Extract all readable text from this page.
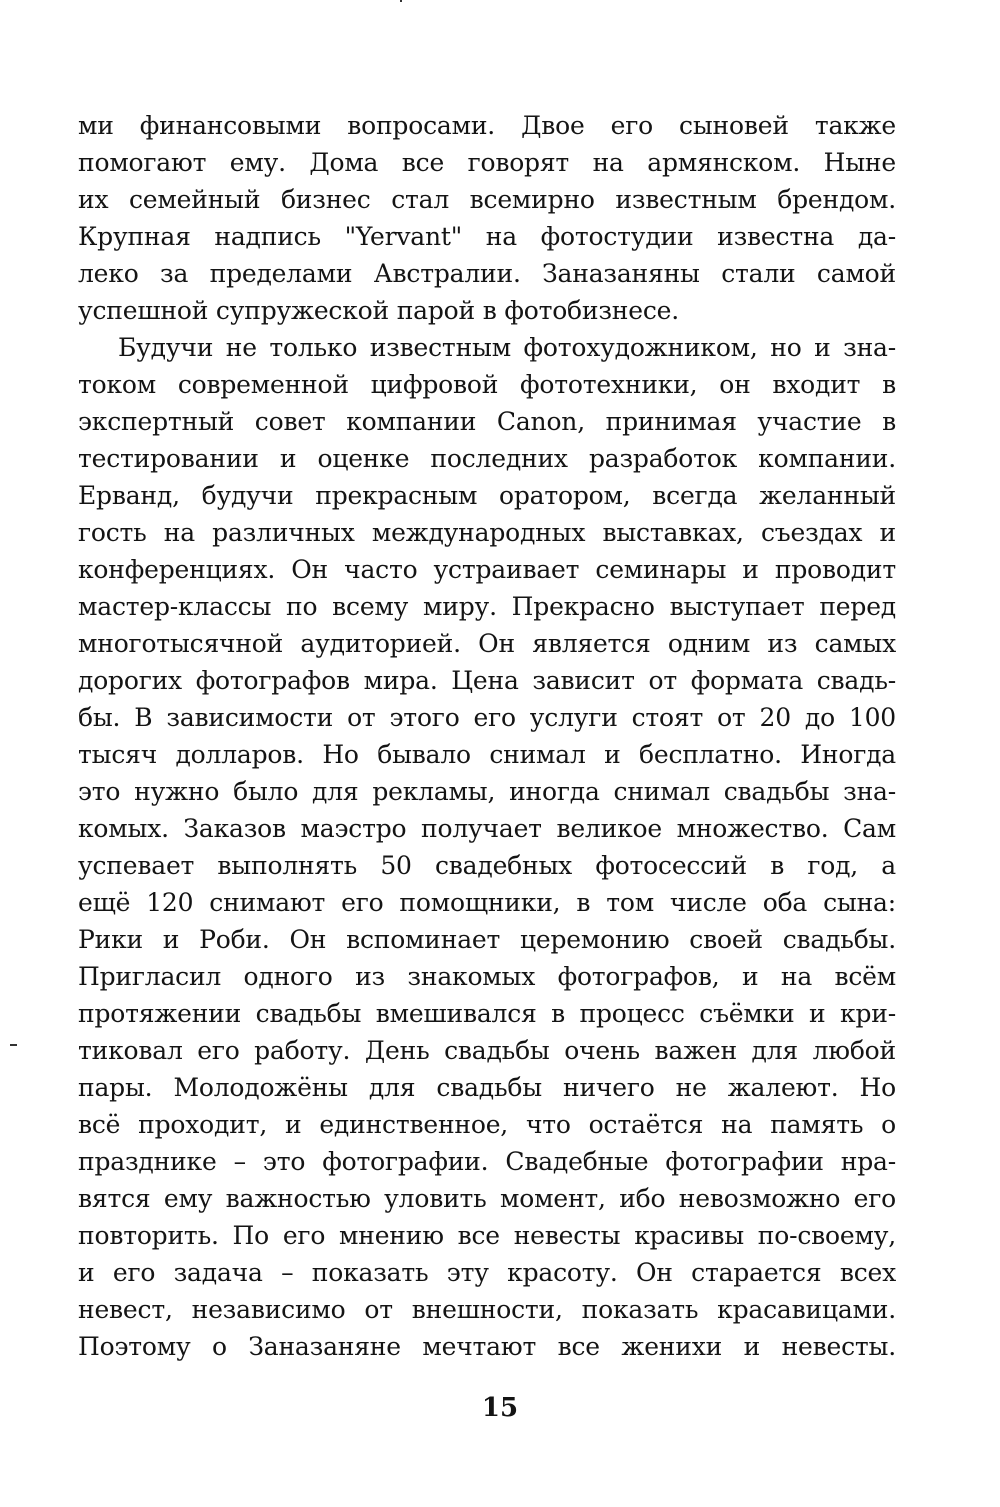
ми финансовыми вопросами. Двое его сыновей также
помогают ему. Дома все говорят на армянском. Ныне
их семейный бизнес стал всемирно известным брендом.
Крупная надпись "Yervant" на фотостудии известна да-
леко за пределами Австралии. Заназаняны стали самой
успешной супружеской парой в фотобизнесе.
Будучи не только известным фотохудожником, но и зна-
током современной цифровой фототехники, он входит в
экспертный совет компании Canon, принимая участие в
тестировании и оценке последних разработок компании.
Ерванд, будучи прекрасным оратором, всегда желанный
гость на различных международных выставках, съездах и
конференциях. Он часто устраивает семинары и проводит
мастер-классы по всему миру. Прекрасно выступает перед
многотысячной аудиторией. Он является одним из самых
дорогих фотографов мира. Цена зависит от формата свадь-
бы. В зависимости от этого его услуги стоят от 20 до 100
тысяч долларов. Но бывало снимал и бесплатно. Иногда
это нужно было для рекламы, иногда снимал свадьбы зна-
комых. Заказов маэстро получает великое множество. Сам
успевает выполнять 50 свадебных фотосессий в год, а
ещё 120 снимают его помощники, в том числе оба сына:
Рики и Роби. Он вспоминает церемонию своей свадьбы.
Пригласил одного из знакомых фотографов, и на всём
протяжении свадьбы вмешивался в процесс съёмки и кри-
тиковал его работу. День свадьбы очень важен для любой
пары. Молодожёны для свадьбы ничего не жалеют. Но
всё проходит, и единственное, что остаётся на память о
празднике – это фотографии. Свадебные фотографии нра-
вятся ему важностью уловить момент, ибо невозможно его
повторить. По его мнению все невесты красивы по-своему,
и его задача – показать эту красоту. Он старается всех
невест, независимо от внешности, показать красавицами.
Поэтому о Заназаняне мечтают все женихи и невесты.
15
